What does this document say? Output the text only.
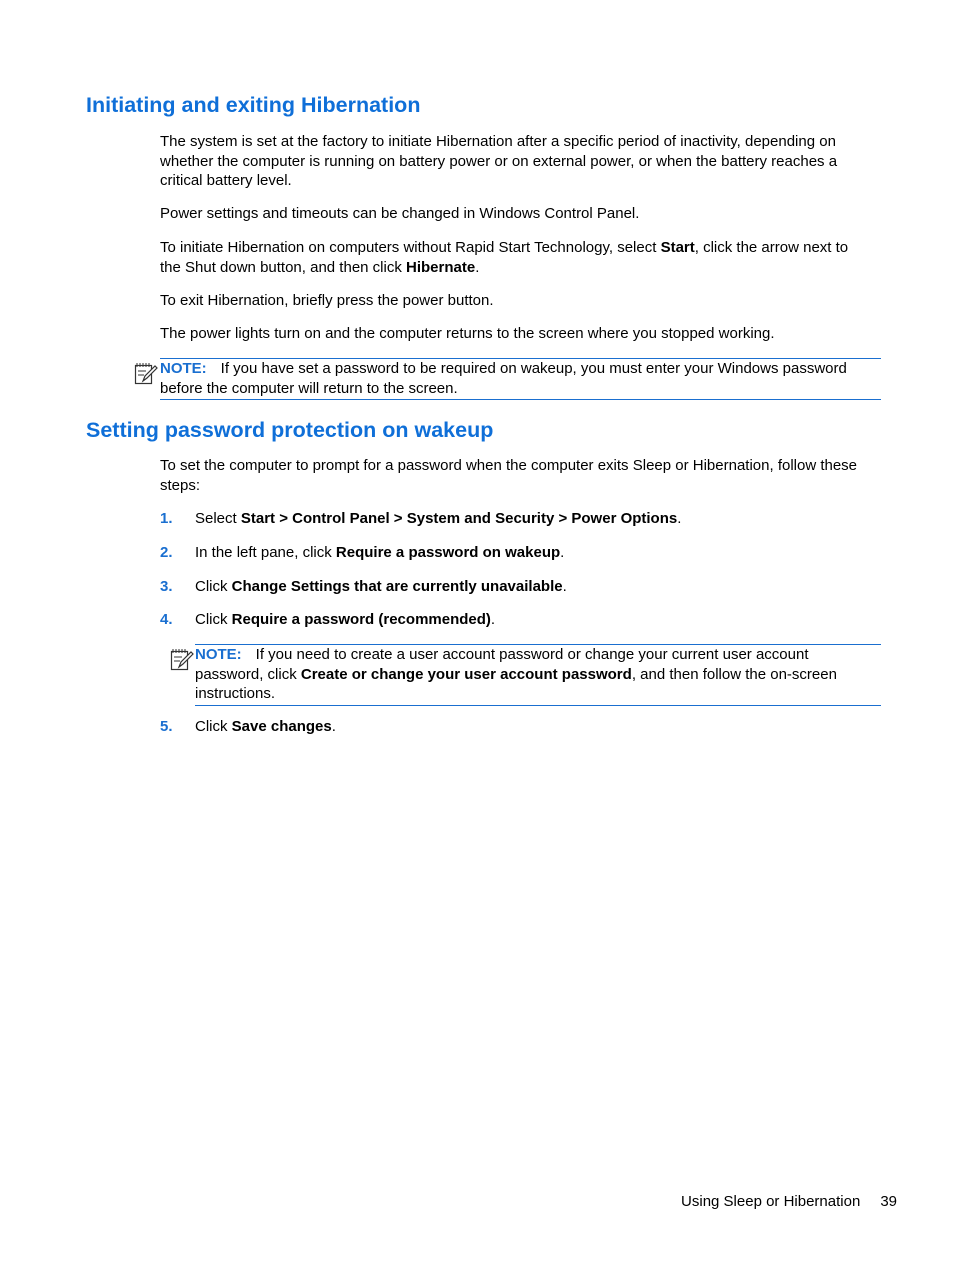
Initiating and exiting Hibernation

The system is set at the factory to initiate Hibernation after a specific period of inactivity, depending on whether the computer is running on battery power or on external power, or when the battery reaches a critical battery level.

Power settings and timeouts can be changed in Windows Control Panel.

To initiate Hibernation on computers without Rapid Start Technology, select Start, click the arrow next to the Shut down button, and then click Hibernate.

To exit Hibernation, briefly press the power button.

The power lights turn on and the computer returns to the screen where you stopped working.

NOTE: If you have set a password to be required on wakeup, you must enter your Windows password before the computer will return to the screen.
Setting password protection on wakeup

To set the computer to prompt for a password when the computer exits Sleep or Hibernation, follow these steps:

1. Select Start > Control Panel > System and Security > Power Options.
2. In the left pane, click Require a password on wakeup.
3. Click Change Settings that are currently unavailable.
4. Click Require a password (recommended).
NOTE: If you need to create a user account password or change your current user account password, click Create or change your user account password, and then follow the on-screen instructions.
5. Click Save changes.
Using Sleep or Hibernation 39
